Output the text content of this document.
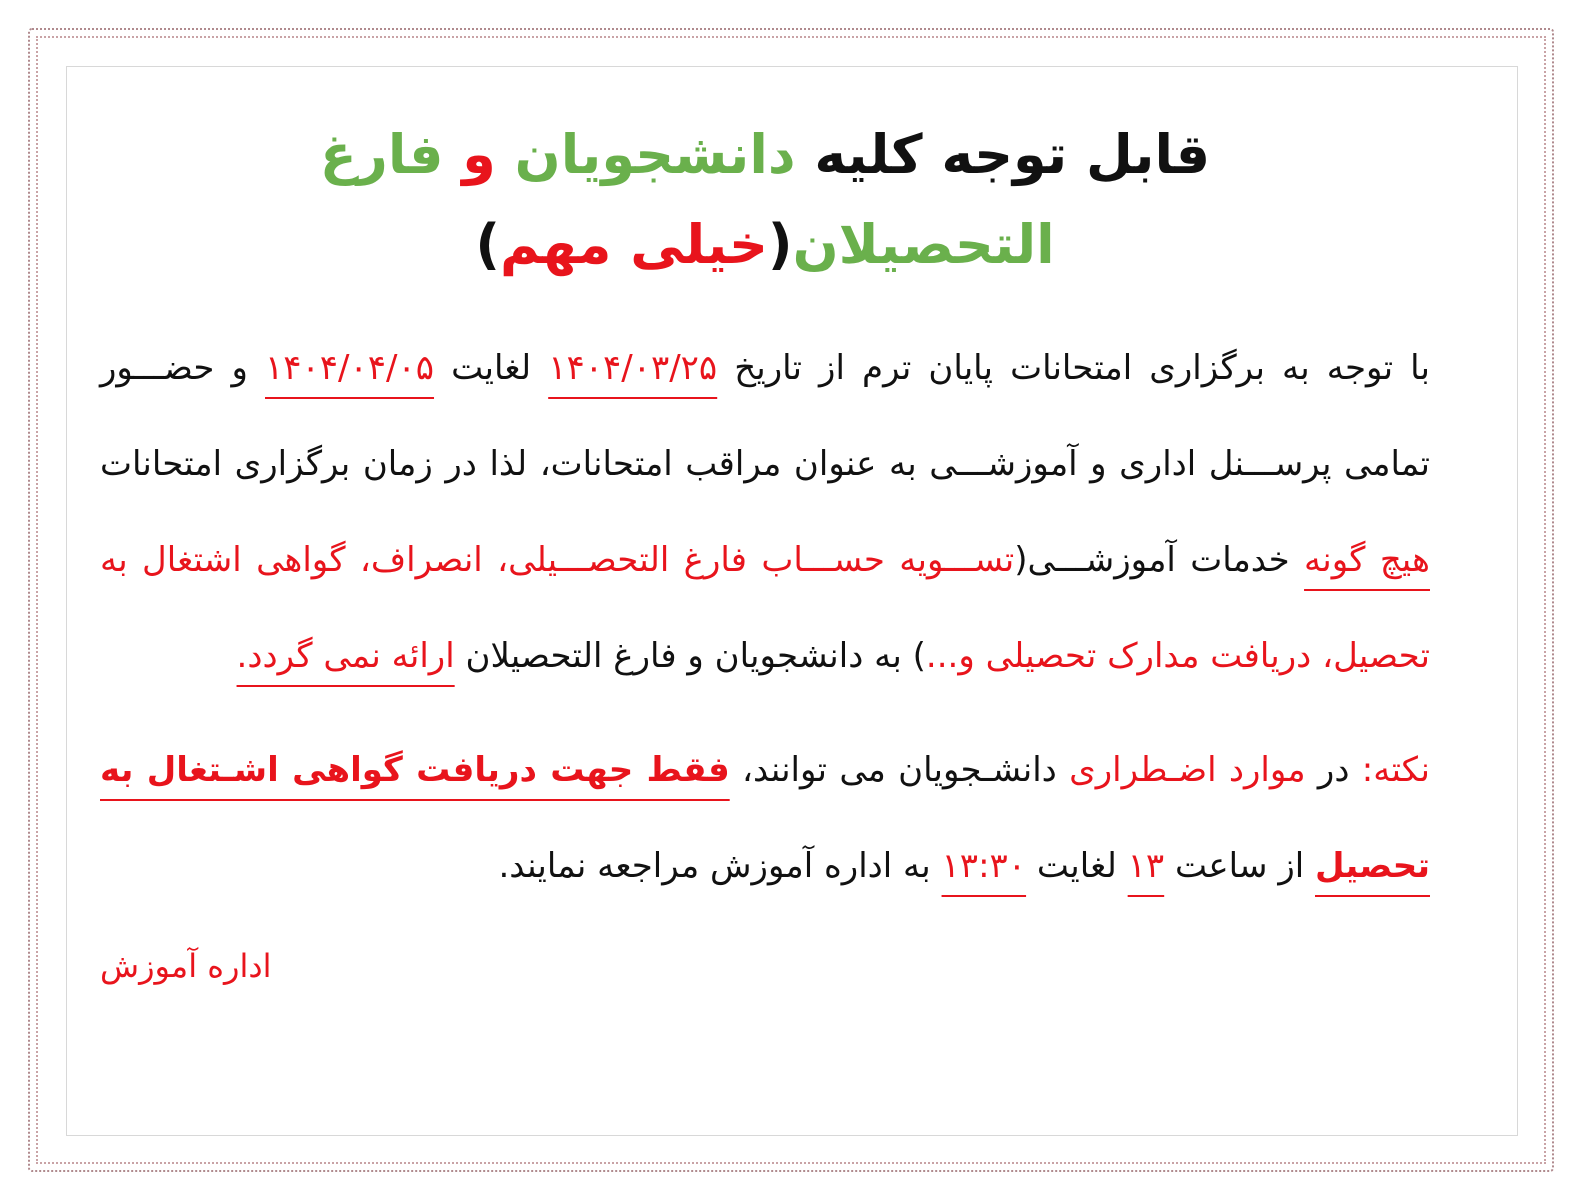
قابل توجه کلیه دانشجویان و فارغ التحصیلان(خیلی مهم)

با توجه به برگزاری امتحانات پایان ترم از تاریخ ۱۴۰۴/۰۳/۲۵ لغایت ۱۴۰۴/۰۴/۰۵ و حضـــور تمامی پرســـنل اداری و آموزشـــی به عنوان مراقب امتحانات، لذا در زمان برگزاری امتحانات هیچ گونه خدمات آموزشـــی(تســـویه حســـاب فارغ التحصـــیلی، انصراف، گواهی اشتغال به تحصیل، دریافت مدارک تحصیلی و...) به دانشجویان و فارغ التحصیلان ارائه نمی گردد.

نکته: در موارد اضـطراری دانشـجویان می توانند، فقط جهت دریافت گواهی اشـتغال به تحصیل از ساعت ۱۳ لغایت ۱۳:۳۰ به اداره آموزش مراجعه نمایند.

اداره آموزش
